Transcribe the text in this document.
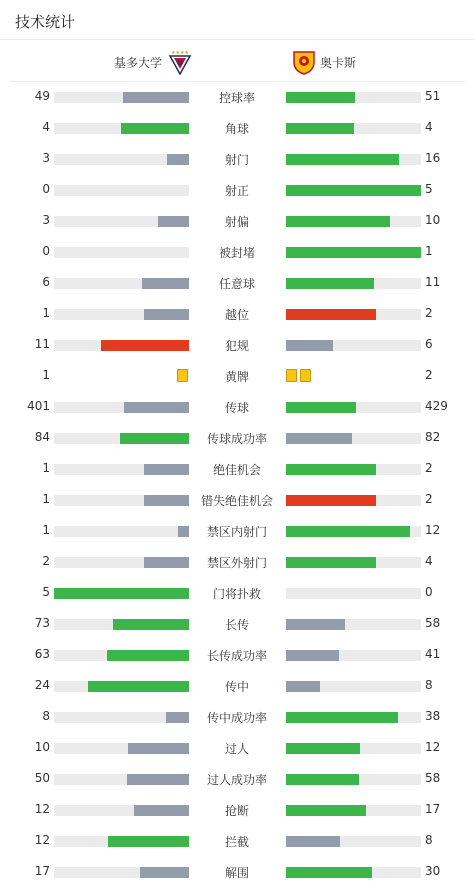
技术统计
基多大学
★★★★
U	奥卡斯
49	控球率	51
4	角球	4
3	射门	16
0	射正	5
3	射偏	10
0	被封堵	1
6	任意球	11
1	越位	2
11	犯规	6
1	黄牌	2
401	传球	429
84	传球成功率	82
1	绝佳机会	2
1	错失绝佳机会	2
1	禁区内射门	12
2	禁区外射门	4
5	门将扑救	0
73	长传	58
63	长传成功率	41
24	传中	8
8	传中成功率	38
10	过人	12
50	过人成功率	58
12	抢断	17
12	拦截	8
17	解围	30
